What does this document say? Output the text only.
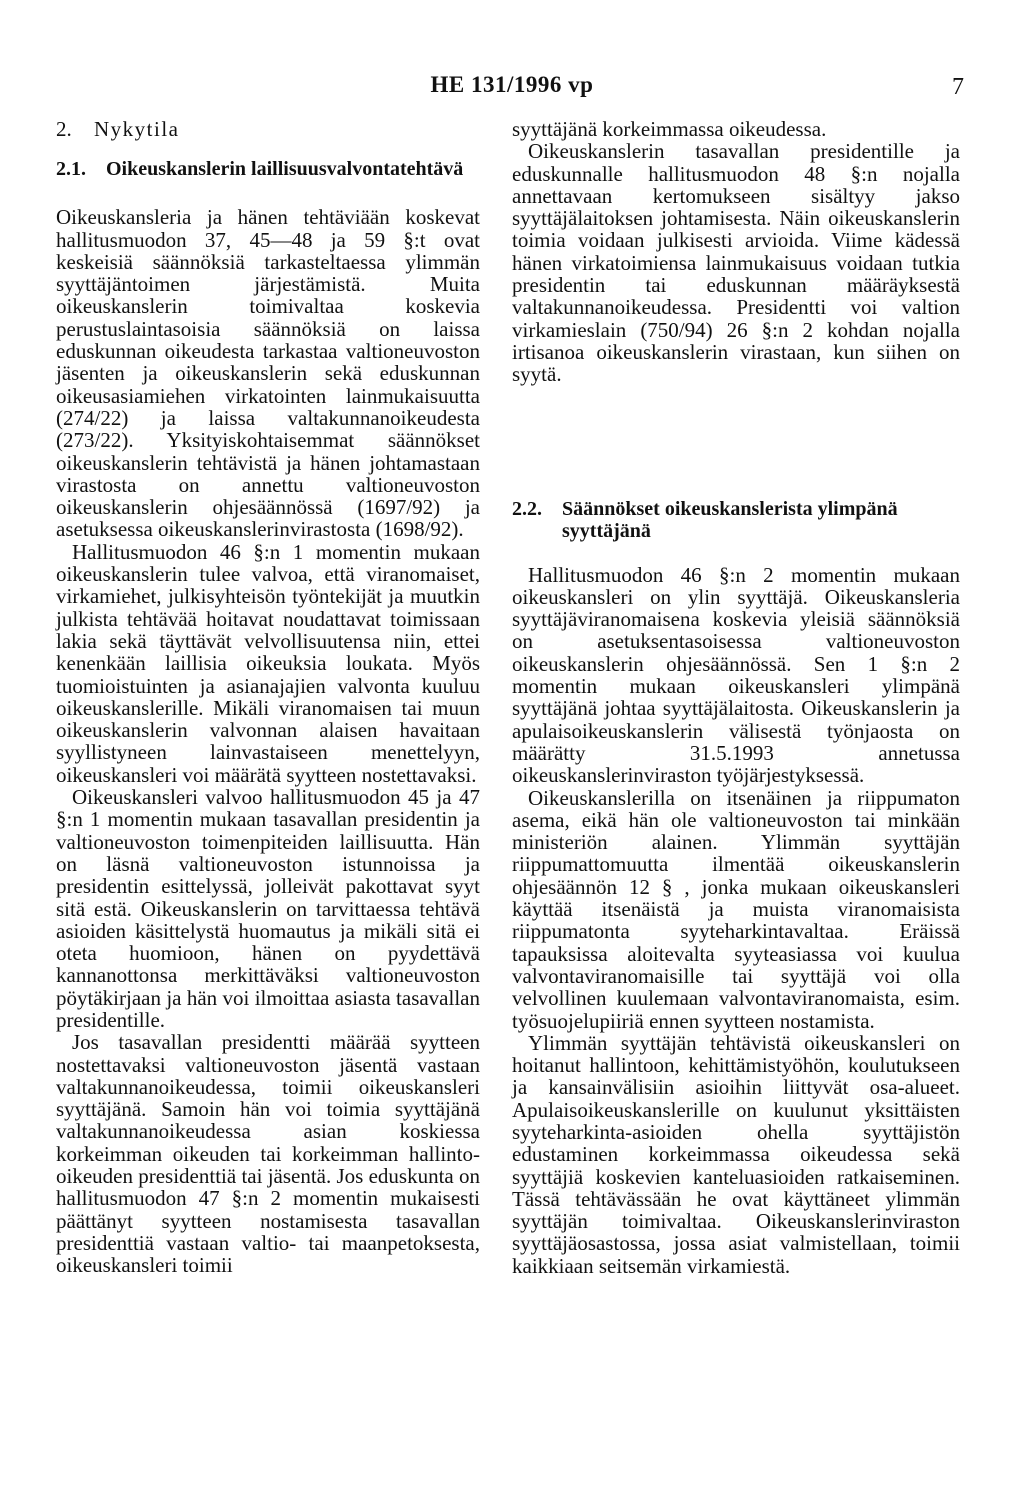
HE 131/1996 vp	7
2.	Nykytila
2.1.	Oikeuskanslerin laillisuusvalvontatehtävä

Oikeuskansleria ja hänen tehtäviään koskevat hallitusmuodon 37, 45—48 ja 59 §:t ovat keskeisiä säännöksiä tarkasteltaessa ylimmän syyttäjäntoimen järjestämistä. Muita oikeuskanslerin toimivaltaa koskevia perustuslaintasoisia säännöksiä on laissa eduskunnan oikeudesta tarkastaa valtioneuvoston jäsenten ja oikeuskanslerin sekä eduskunnan oikeusasiamiehen virkatointen lainmukaisuutta (274/22) ja laissa valtakunnanoikeudesta (273/22). Yksityiskohtaisemmat säännökset oikeuskanslerin tehtävistä ja hänen johtamastaan virastosta on annettu valtioneuvoston oikeuskanslerin ohjesäännössä (1697/92) ja asetuksessa oikeuskanslerinvirastosta (1698/92).

Hallitusmuodon 46 §:n 1 momentin mukaan oikeuskanslerin tulee valvoa, että viranomaiset, virkamiehet, julkisyhteisön työntekijät ja muutkin julkista tehtävää hoitavat noudattavat toimissaan lakia sekä täyttävät velvollisuutensa niin, ettei kenenkään laillisia oikeuksia loukata. Myös tuomioistuinten ja asianajajien valvonta kuuluu oikeuskanslerille. Mikäli viranomaisen tai muun oikeuskanslerin valvonnan alaisen havaitaan syyllistyneen lainvastaiseen menettelyyn, oikeuskansleri voi määrätä syytteen nostettavaksi.

Oikeuskansleri valvoo hallitusmuodon 45 ja 47 §:n 1 momentin mukaan tasavallan presidentin ja valtioneuvoston toimenpiteiden laillisuutta. Hän on läsnä valtioneuvoston istunnoissa ja presidentin esittelyssä, jolleivät pakottavat syyt sitä estä. Oikeuskanslerin on tarvittaessa tehtävä asioiden käsittelystä huomautus ja mikäli sitä ei oteta huomioon, hänen on pyydettävä kannanottonsa merkittäväksi valtioneuvoston pöytäkirjaan ja hän voi ilmoittaa asiasta tasavallan presidentille.

Jos tasavallan presidentti määrää syytteen nostettavaksi valtioneuvoston jäsentä vastaan valtakunnanoikeudessa, toimii oikeuskansleri syyttäjänä. Samoin hän voi toimia syyttäjänä valtakunnanoikeudessa asian koskiessa korkeimman oikeuden tai korkeimman hallinto-oikeuden presidenttiä tai jäsentä. Jos eduskunta on hallitusmuodon 47 §:n 2 momentin mukaisesti päättänyt syytteen nostamisesta tasavallan presidenttiä vastaan valtio- tai maanpetoksesta, oikeuskansleri toimii

syyttäjänä korkeimmassa oikeudessa.

Oikeuskanslerin tasavallan presidentille ja eduskunnalle hallitusmuodon 48 §:n nojalla annettavaan kertomukseen sisältyy jakso syyttäjälaitoksen johtamisesta. Näin oikeuskanslerin toimia voidaan julkisesti arvioida. Viime kädessä hänen virkatoimiensa lainmukaisuus voidaan tutkia presidentin tai eduskunnan määräyksestä valtakunnanoikeudessa. Presidentti voi valtion virkamieslain (750/94) 26 §:n 2 kohdan nojalla irtisanoa oikeuskanslerin virastaan, kun siihen on syytä.

2.2.	Säännökset oikeuskanslerista ylimpänä syyttäjänä

Hallitusmuodon 46 §:n 2 momentin mukaan oikeuskansleri on ylin syyttäjä. Oikeuskansleria syyttäjäviranomaisena koskevia yleisiä säännöksiä on asetuksentasoisessa valtioneuvoston oikeuskanslerin ohjesäännössä. Sen 1 §:n 2 momentin mukaan oikeuskansleri ylimpänä syyttäjänä johtaa syyttäjälaitosta. Oikeuskanslerin ja apulaisoikeuskanslerin välisestä työnjaosta on määrätty 31.5.1993 annetussa oikeuskanslerinviraston työjärjestyksessä.

Oikeuskanslerilla on itsenäinen ja riippumaton asema, eikä hän ole valtioneuvoston tai minkään ministeriön alainen. Ylimmän syyttäjän riippumattomuutta ilmentää oikeuskanslerin ohjesäännön 12 § , jonka mukaan oikeuskansleri käyttää itsenäistä ja muista viranomaisista riippumatonta syyteharkintavaltaa. Eräissä tapauksissa aloitevalta syyteasiassa voi kuulua valvontaviranomaisille tai syyttäjä voi olla velvollinen kuulemaan valvontaviranomaista, esim. työsuojelupiiriä ennen syytteen nostamista.

Ylimmän syyttäjän tehtävistä oikeuskansleri on hoitanut hallintoon, kehittämistyöhön, koulutukseen ja kansainvälisiin asioihin liittyvät osa-alueet. Apulaisoikeuskanslerille on kuulunut yksittäisten syyteharkinta-asioiden ohella syyttäjistön edustaminen korkeimmassa oikeudessa sekä syyttäjiä koskevien kanteluasioiden ratkaiseminen. Tässä tehtävässään he ovat käyttäneet ylimmän syyttäjän toimivaltaa. Oikeuskanslerinviraston syyttäjäosastossa, jossa asiat valmistellaan, toimii kaikkiaan seitsemän virkamiestä.
